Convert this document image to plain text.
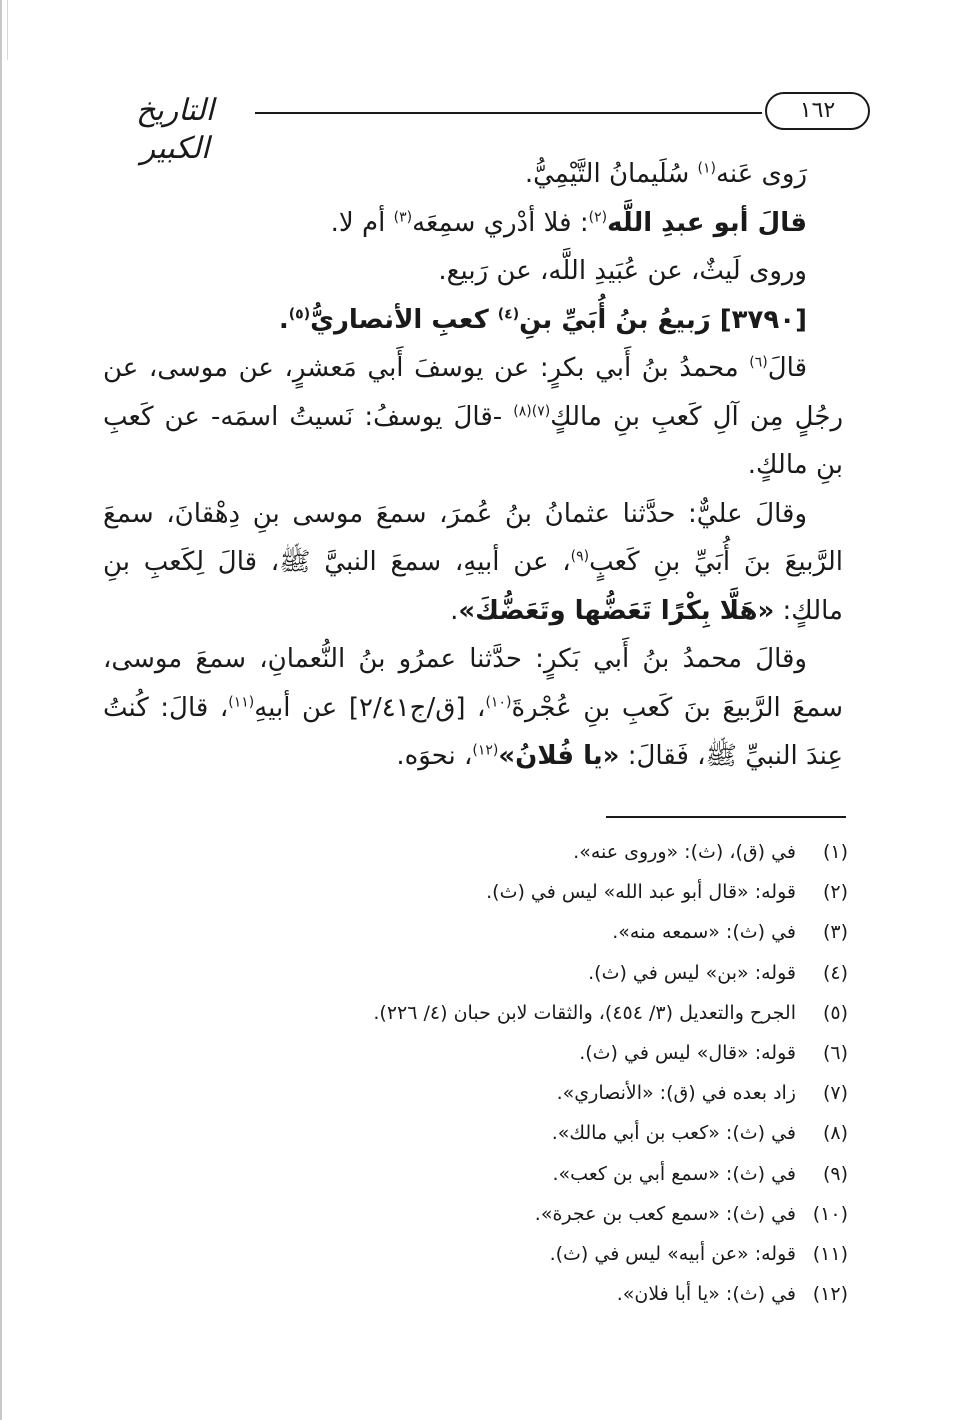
التاريخ الكبير
١٦٢

رَوى عَنه$^{(١)}$ سُلَيمانُ التَّيْمِيُّ.

قالَ أبو عبدِ اللَّه$^{(٢)}$: فلا أدْري سمِعَه$^{(٣)}$ أم لا.

وروى لَيثٌ، عن عُبَيدِ اللَّه، عن رَبيع.

[٣٧٩٠] رَبيعُ بنُ أُبَيِّ بنِ$^{(٤)}$ كعبِ الأنصاريُّ$^{(٥)}$.

قالَ$^{(٦)}$ محمدُ بنُ أَبي بكرٍ: عن يوسفَ أَبي مَعشرٍ، عن موسى، عن رجُلٍ مِن آلِ كَعبِ بنِ مالكٍ$^{(٧)(٨)}$ -قالَ يوسفُ: نَسيتُ اسمَه- عن كَعبِ بنِ مالكٍ.

وقالَ عليٌّ: حدَّثنا عثمانُ بنُ عُمرَ، سمعَ موسى بنِ دِهْقانَ، سمعَ الرَّبيعَ بنَ أُبَيِّ بنِ كَعبٍ$^{(٩)}$، عن أبيهِ، سمعَ النبيَّ ﷺ، قالَ لِكَعبِ بنِ مالكٍ: «هَلَّا بِكْرًا تَعَضُّها وتَعَضُّكَ».

وقالَ محمدُ بنُ أَبي بَكرٍ: حدَّثنا عمرُو بنُ النُّعمانِ، سمعَ موسى، سمعَ الرَّبيعَ بنَ كَعبِ بنِ عُجْرةَ$^{(١٠)}$، [ق/ج٢/٤١] عن أبيهِ$^{(١١)}$، قالَ: كُنتُ عِندَ النبيِّ ﷺ، فَقالَ: «يا فُلانُ»$^{(١٢)}$، نحوَه.

(١)في (ق)، (ث): «وروى عنه».
(٢)قوله: «قال أبو عبد الله» ليس في (ث).
(٣)في (ث): «سمعه منه».
(٤)قوله: «بن» ليس في (ث).
(٥)الجرح والتعديل (٣/ ٤٥٤)، والثقات لابن حبان (٤/ ٢٢٦).
(٦)قوله: «قال» ليس في (ث).
(٧)زاد بعده في (ق): «الأنصاري».
(٨)في (ث): «كعب بن أبي مالك».
(٩)في (ث): «سمع أبي بن كعب».
(١٠)في (ث): «سمع كعب بن عجرة».
(١١)قوله: «عن أبيه» ليس في (ث).
(١٢)في (ث): «يا أبا فلان».
